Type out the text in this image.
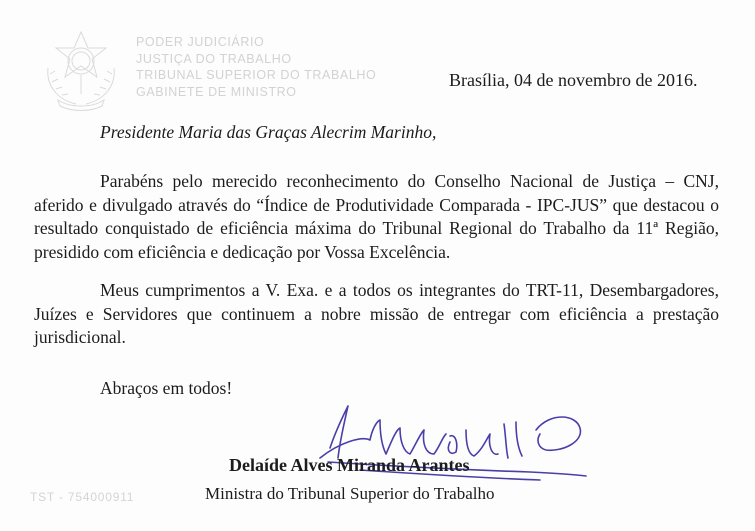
PODER JUDICIÁRIO
JUSTIÇA DO TRABALHO
TRIBUNAL SUPERIOR DO TRABALHO
GABINETE DE MINISTRO
Brasília, 04 de novembro de 2016.
Presidente Maria das Graças Alecrim Marinho,

Parabéns pelo merecido reconhecimento do Conselho Nacional de Justiça – CNJ, aferido e divulgado através do “Índice de Produtividade Comparada - IPC-JUS” que destacou o resultado conquistado de eficiência máxima do Tribunal Regional do Trabalho da 11ª Região, presidido com eficiência e dedicação por Vossa Excelência.

Meus cumprimentos a V. Exa. e a todos os integrantes do TRT-11, Desembargadores, Juízes e Servidores que continuem a nobre missão de entregar com eficiência a prestação jurisdicional.

Abraços em todos!
Delaíde Alves Miranda Arantes
Ministra do Tribunal Superior do Trabalho
TST - 754000911
